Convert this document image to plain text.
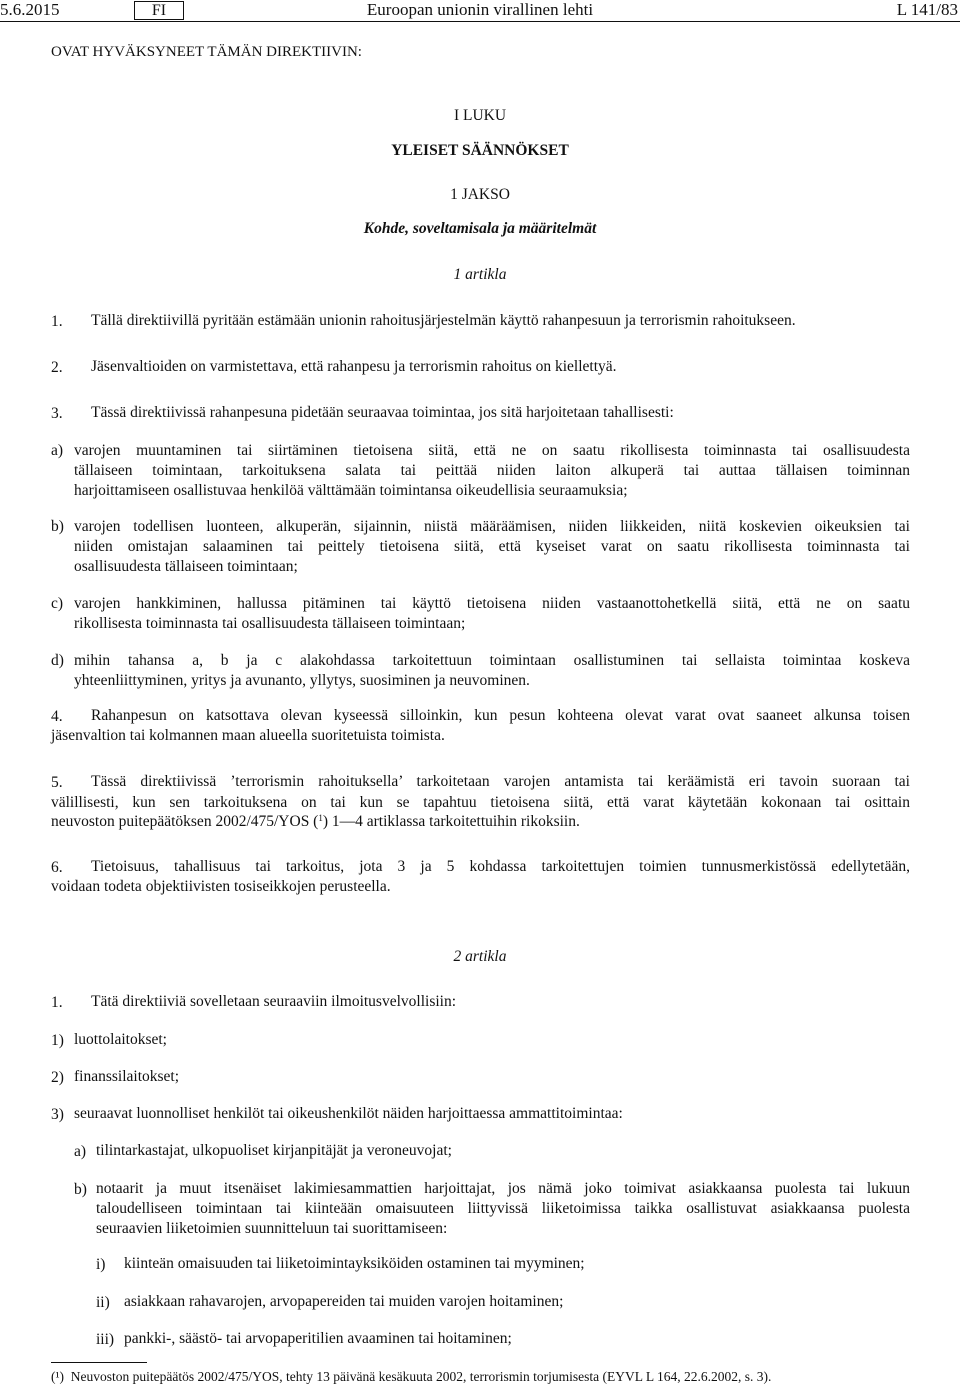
5.6.2015	FI	Euroopan unionin virallinen lehti	L 141/83
OVAT HYVÄKSYNEET TÄMÄN DIREKTIIVIN:
I LUKU
YLEISET SÄÄNNÖKSET
1 JAKSO
Kohde, soveltamisala ja määritelmät
1 artikla
1. Tällä direktiivillä pyritään estämään unionin rahoitusjärjestelmän käyttö rahanpesuun ja terrorismin rahoitukseen.
2. Jäsenvaltioiden on varmistettava, että rahanpesu ja terrorismin rahoitus on kiellettyä.
3. Tässä direktiivissä rahanpesuna pidetään seuraavaa toimintaa, jos sitä harjoitetaan tahallisesti:
a) varojen muuntaminen tai siirtäminen tietoisena siitä, että ne on saatu rikollisesta toiminnasta tai osallisuudesta
tällaiseen toimintaan, tarkoituksena salata tai peittää niiden laiton alkuperä tai auttaa tällaisen toiminnan
harjoittamiseen osallistuvaa henkilöä välttämään toimintansa oikeudellisia seuraamuksia;
b) varojen todellisen luonteen, alkuperän, sijainnin, niistä määräämisen, niiden liikkeiden, niitä koskevien oikeuksien tai
niiden omistajan salaaminen tai peittely tietoisena siitä, että kyseiset varat on saatu rikollisesta toiminnasta tai
osallisuudesta tällaiseen toimintaan;
c) varojen hankkiminen, hallussa pitäminen tai käyttö tietoisena niiden vastaanottohetkellä siitä, että ne on saatu
rikollisesta toiminnasta tai osallisuudesta tällaiseen toimintaan;
d) mihin tahansa a, b ja c alakohdassa tarkoitettuun toimintaan osallistuminen tai sellaista toimintaa koskeva
yhteenliittyminen, yritys ja avunanto, yllytys, suosiminen ja neuvominen.
4. Rahanpesun on katsottava olevan kyseessä silloinkin, kun pesun kohteena olevat varat ovat saaneet alkunsa toisen
jäsenvaltion tai kolmannen maan alueella suoritetuista toimista.
5. Tässä direktiivissä ’terrorismin rahoituksella’ tarkoitetaan varojen antamista tai keräämistä eri tavoin suoraan tai
välillisesti, kun sen tarkoituksena on tai kun se tapahtuu tietoisena siitä, että varat käytetään kokonaan tai osittain
neuvoston puitepäätöksen 2002/475/YOS ($^1$) 1—4 artiklassa tarkoitettuihin rikoksiin.
6. Tietoisuus, tahallisuus tai tarkoitus, jota 3 ja 5 kohdassa tarkoitettujen toimien tunnusmerkistössä edellytetään,
voidaan todeta objektiivisten tosiseikkojen perusteella.
2 artikla
1. Tätä direktiiviä sovelletaan seuraaviin ilmoitusvelvollisiin:
1) luottolaitokset;
2) finanssilaitokset;
3) seuraavat luonnolliset henkilöt tai oikeushenkilöt näiden harjoittaessa ammattitoimintaa:
a) tilintarkastajat, ulkopuoliset kirjanpitäjät ja veroneuvojat;
b) notaarit ja muut itsenäiset lakimiesammattien harjoittajat, jos nämä joko toimivat asiakkaansa puolesta tai lukuun
taloudelliseen toimintaan tai kiinteään omaisuuteen liittyvissä liiketoimissa taikka osallistuvat asiakkaansa puolesta
seuraavien liiketoimien suunnitteluun tai suorittamiseen:
i) kiinteän omaisuuden tai liiketoimintayksiköiden ostaminen tai myyminen;
ii) asiakkaan rahavarojen, arvopapereiden tai muiden varojen hoitaminen;
iii) pankki-, säästö- tai arvopaperitilien avaaminen tai hoitaminen;
(¹) Neuvoston puitepäätös 2002/475/YOS, tehty 13 päivänä kesäkuuta 2002, terrorismin torjumisesta (EYVL L 164, 22.6.2002, s. 3).
